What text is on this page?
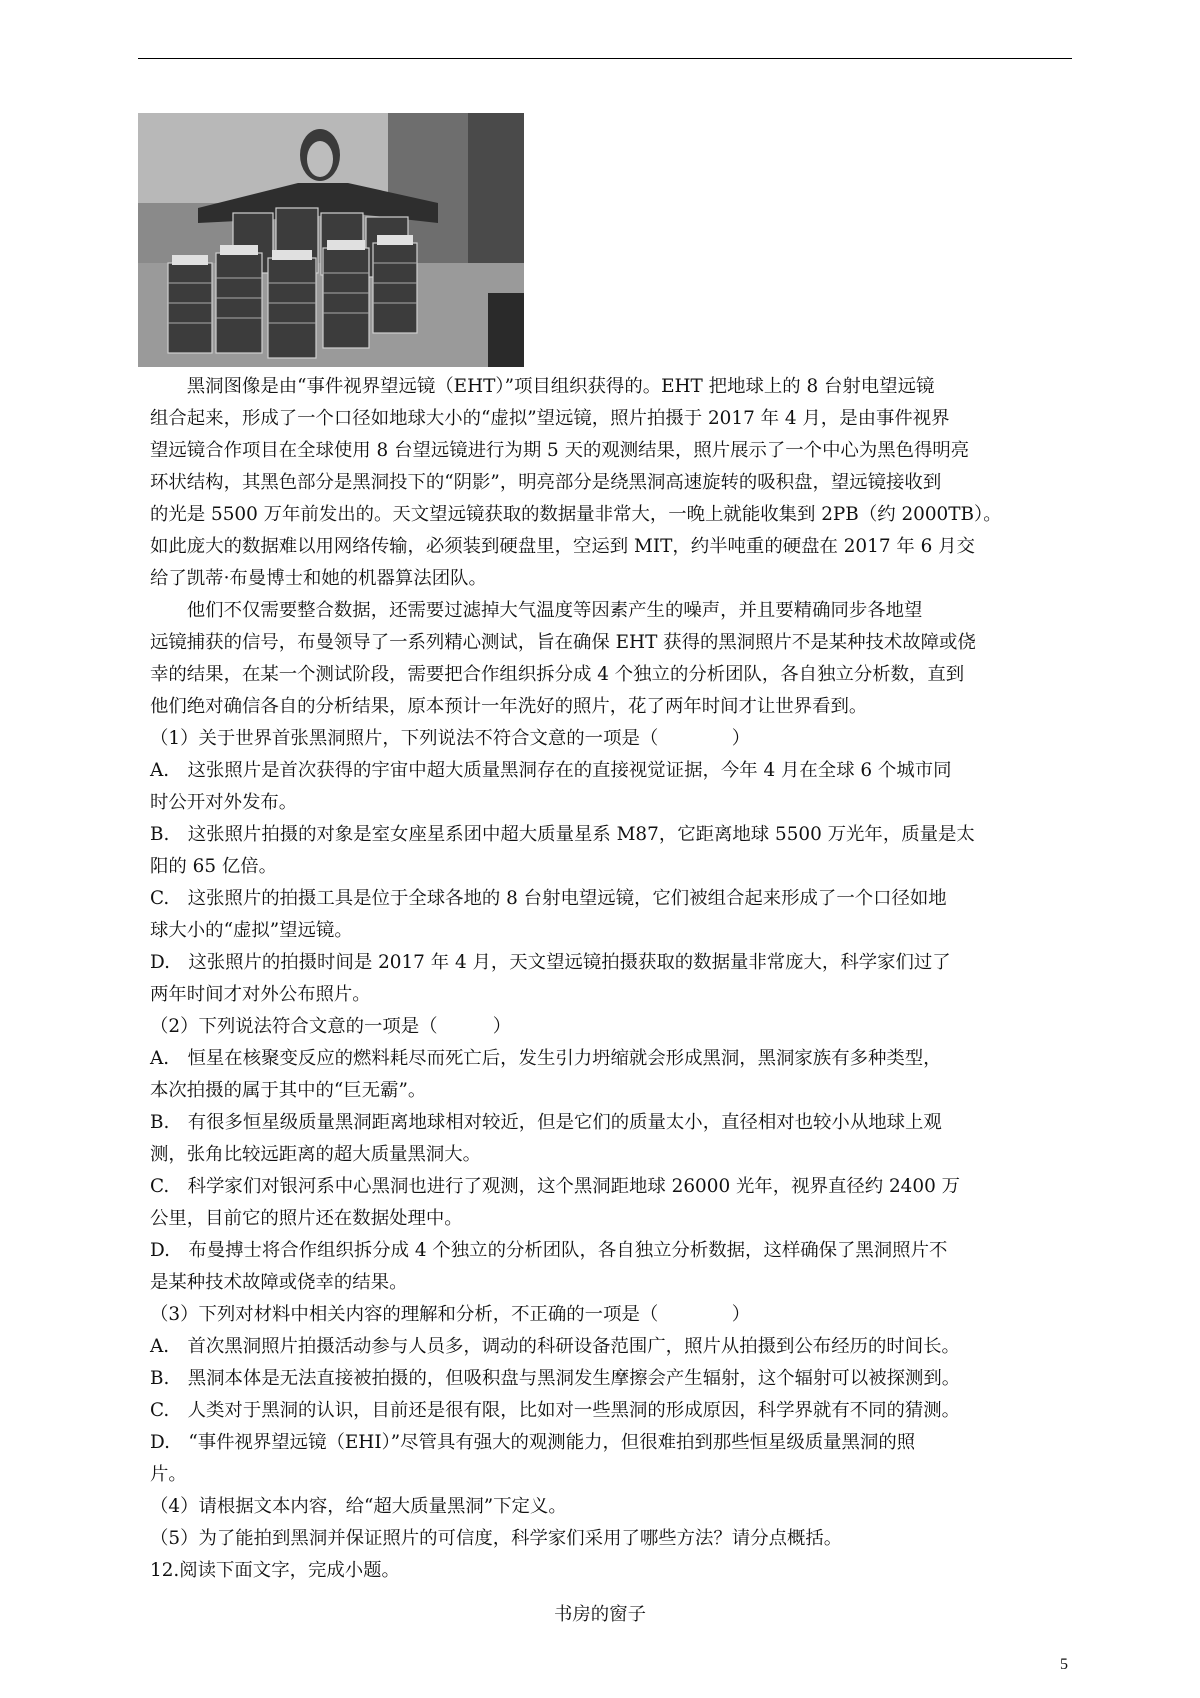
　　黑洞图像是由“事件视界望远镜（EHT）”项目组织获得的。EHT 把地球上的 8 台射电望远镜
组合起来，形成了一个口径如地球大小的“虚拟”望远镜，照片拍摄于 2017 年 4 月，是由事件视界
望远镜合作项目在全球使用 8 台望远镜进行为期 5 天的观测结果，照片展示了一个中心为黑色得明亮
环状结构，其黑色部分是黑洞投下的“阴影”，明亮部分是绕黑洞高速旋转的吸积盘，望远镜接收到
的光是 5500 万年前发出的。天文望远镜获取的数据量非常大，一晚上就能收集到 2PB（约 2000TB）。
如此庞大的数据难以用网络传输，必须装到硬盘里，空运到 MIT，约半吨重的硬盘在 2017 年 6 月交
给了凯蒂·布曼博士和她的机器算法团队。
　　他们不仅需要整合数据，还需要过滤掉大气温度等因素产生的噪声，并且要精确同步各地望
远镜捕获的信号，布曼领导了一系列精心测试，旨在确保 EHT 获得的黑洞照片不是某种技术故障或侥
幸的结果，在某一个测试阶段，需要把合作组织拆分成 4 个独立的分析团队，各自独立分析数，直到
他们绝对确信各自的分析结果，原本预计一年洗好的照片，花了两年时间才让世界看到。
（1）关于世界首张黑洞照片，下列说法不符合文意的一项是（　　　　）
A.　这张照片是首次获得的宇宙中超大质量黑洞存在的直接视觉证据，今年 4 月在全球 6 个城市同
时公开对外发布。
B.　这张照片拍摄的对象是室女座星系团中超大质量星系 M87，它距离地球 5500 万光年，质量是太
阳的 65 亿倍。
C.　这张照片的拍摄工具是位于全球各地的 8 台射电望远镜，它们被组合起来形成了一个口径如地
球大小的“虚拟”望远镜。
D.　这张照片的拍摄时间是 2017 年 4 月，天文望远镜拍摄获取的数据量非常庞大，科学家们过了
两年时间才对外公布照片。
（2）下列说法符合文意的一项是（　　　）
A.　恒星在核聚变反应的燃料耗尽而死亡后，发生引力坍缩就会形成黑洞，黑洞家族有多种类型，
本次拍摄的属于其中的“巨无霸”。
B.　有很多恒星级质量黑洞距离地球相对较近，但是它们的质量太小，直径相对也较小从地球上观
测，张角比较远距离的超大质量黑洞大。
C.　科学家们对银河系中心黑洞也进行了观测，这个黑洞距地球 26000 光年，视界直径约 2400 万
公里，目前它的照片还在数据处理中。
D.　布曼搏士将合作组织拆分成 4 个独立的分析团队，各自独立分析数据，这样确保了黑洞照片不
是某种技术故障或侥幸的结果。
（3）下列对材料中相关内容的理解和分析，不正确的一项是（　　　　）
A.　首次黑洞照片拍摄活动参与人员多，调动的科研设备范围广，照片从拍摄到公布经历的时间长。
B.　黑洞本体是无法直接被拍摄的，但吸积盘与黑洞发生摩擦会产生辐射，这个辐射可以被探测到。
C.　人类对于黑洞的认识，目前还是很有限，比如对一些黑洞的形成原因，科学界就有不同的猜测。
D.　“事件视界望远镜（EHI）”尽管具有强大的观测能力，但很难拍到那些恒星级质量黑洞的照
片。
（4）请根据文本内容，给“超大质量黑洞”下定义。
（5）为了能拍到黑洞并保证照片的可信度，科学家们采用了哪些方法？请分点概括。
12.阅读下面文字，完成小题。
书房的窗子
5
